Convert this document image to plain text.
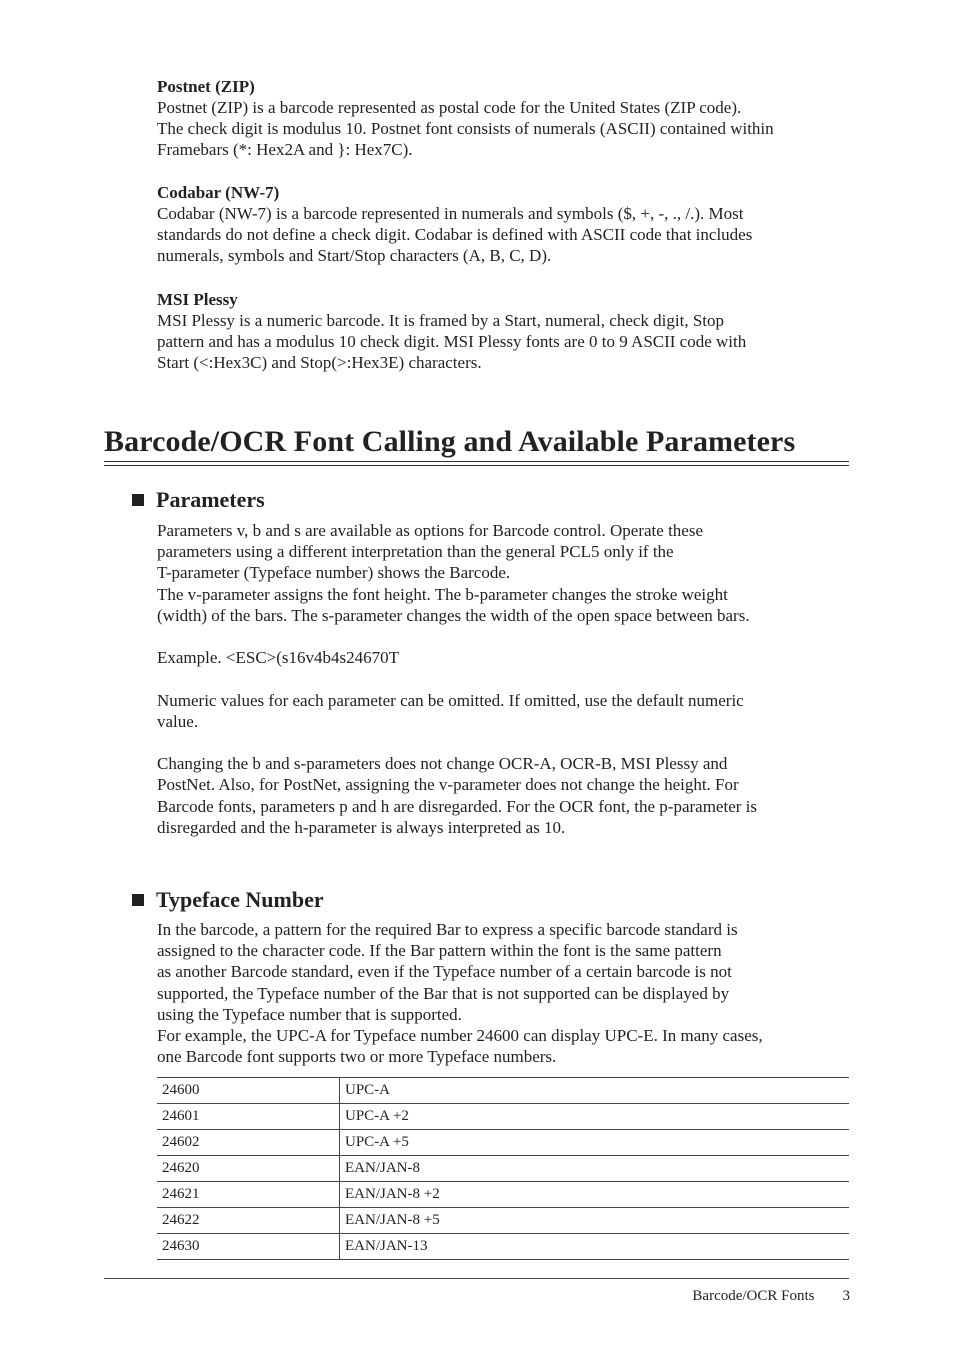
Postnet (ZIP)
Postnet (ZIP) is a barcode represented as postal code for the United States (ZIP code).
The check digit is modulus 10. Postnet font consists of numerals (ASCII) contained within
Framebars (*: Hex2A and }: Hex7C).
Codabar (NW-7)
Codabar (NW-7) is a barcode represented in numerals and symbols ($, +, -, ., /.). Most
standards do not define a check digit. Codabar is defined with ASCII code that includes
numerals, symbols and Start/Stop characters (A, B, C, D).
MSI Plessy
MSI Plessy is a numeric barcode. It is framed by a Start, numeral, check digit, Stop
pattern and has a modulus 10 check digit. MSI Plessy fonts are 0 to 9 ASCII code with
Start (<:Hex3C) and Stop(>:Hex3E) characters.
Barcode/OCR Font Calling and Available Parameters
Parameters
Parameters v, b and s are available as options for Barcode control. Operate these
parameters using a different interpretation than the general PCL5 only if the
T-parameter (Typeface number) shows the Barcode.
The v-parameter assigns the font height. The b-parameter changes the stroke weight
(width) of the bars. The s-parameter changes the width of the open space between bars.
Example. <ESC>(s16v4b4s24670T
Numeric values for each parameter can be omitted. If omitted, use the default numeric
value.
Changing the b and s-parameters does not change OCR-A, OCR-B, MSI Plessy and
PostNet. Also, for PostNet, assigning the v-parameter does not change the height. For
Barcode fonts, parameters p and h are disregarded. For the OCR font, the p-parameter is
disregarded and the h-parameter is always interpreted as 10.
Typeface Number
In the barcode, a pattern for the required Bar to express a specific barcode standard is
assigned to the character code. If the Bar pattern within the font is the same pattern
as another Barcode standard, even if the Typeface number of a certain barcode is not
supported, the Typeface number of the Bar that is not supported can be displayed by
using the Typeface number that is supported.
For example, the UPC-A for Typeface number 24600 can display UPC-E. In many cases,
one Barcode font supports two or more Typeface numbers.
24600	UPC-A
24601	UPC-A +2
24602	UPC-A +5
24620	EAN/JAN-8
24621	EAN/JAN-8 +2
24622	EAN/JAN-8 +5
24630	EAN/JAN-13
Barcode/OCR Fonts 3
